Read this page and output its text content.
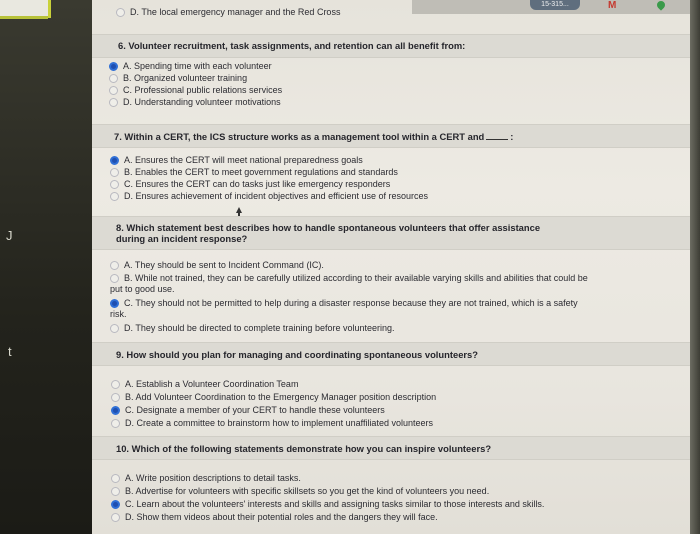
J
t
15-315...	M
D. The local emergency manager and the Red Cross
6. Volunteer recruitment, task assignments, and retention can all benefit from:
A. Spending time with each volunteer
B. Organized volunteer training
C. Professional public relations services
D. Understanding volunteer motivations
7. Within a CERT, the ICS structure works as a management tool within a CERT and	:
A. Ensures the CERT will meet national preparedness goals
B. Enables the CERT to meet government regulations and standards
C. Ensures the CERT can do tasks just like emergency responders
D. Ensures achievement of incident objectives and efficient use of resources
8. Which statement best describes how to handle spontaneous volunteers that offer assistance during an incident response?
A. They should be sent to Incident Command (IC).
B. While not trained, they can be carefully utilized according to their available varying skills and abilities that could be put to good use.
C. They should not be permitted to help during a disaster response because they are not trained, which is a safety risk.
D. They should be directed to complete training before volunteering.
9. How should you plan for managing and coordinating spontaneous volunteers?
A. Establish a Volunteer Coordination Team
B. Add Volunteer Coordination to the Emergency Manager position description
C. Designate a member of your CERT to handle these volunteers
D. Create a committee to brainstorm how to implement unaffiliated volunteers
10. Which of the following statements demonstrate how you can inspire volunteers?
A. Write position descriptions to detail tasks.
B. Advertise for volunteers with specific skillsets so you get the kind of volunteers you need.
C. Learn about the volunteers' interests and skills and assigning tasks similar to those interests and skills.
D. Show them videos about their potential roles and the dangers they will face.
